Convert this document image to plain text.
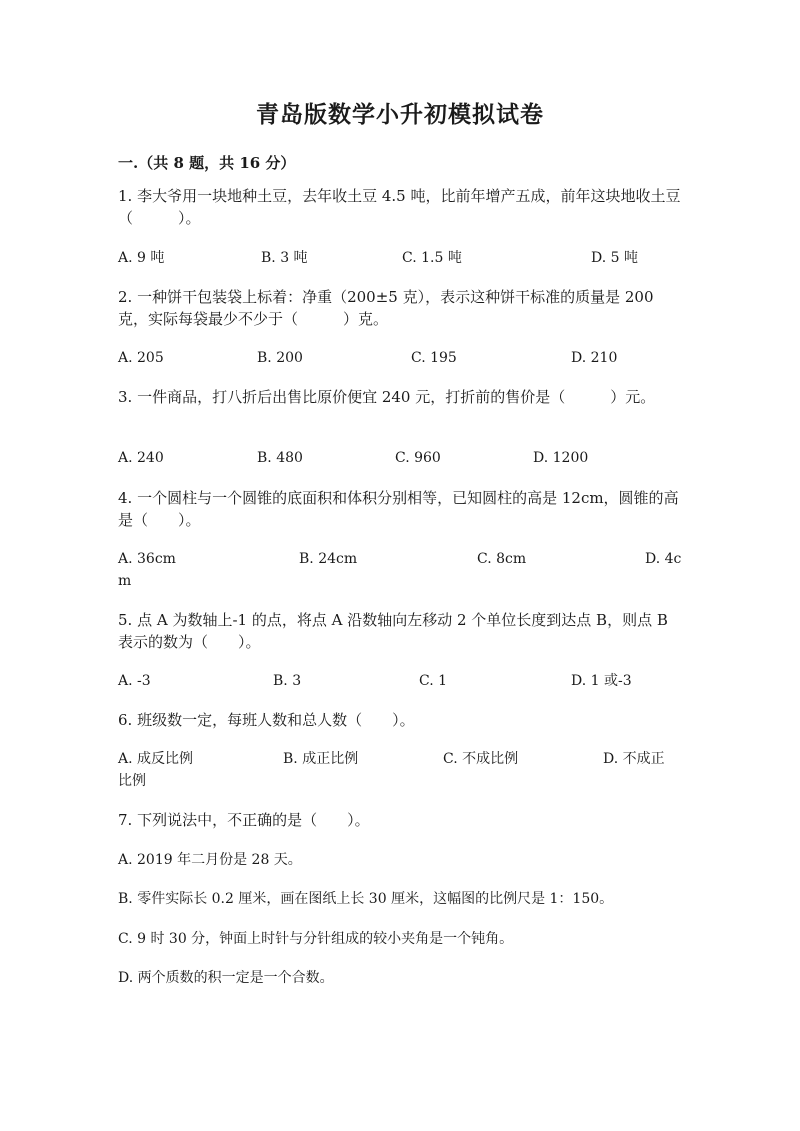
青岛版数学小升初模拟试卷
一.（共 8 题，共 16 分）
1. 李大爷用一块地种土豆，去年收土豆 4.5 吨，比前年增产五成，前年这块地收土豆（　　　）。
A. 9 吨	B. 3 吨	C. 1.5 吨	D. 5 吨
2. 一种饼干包装袋上标着：净重（200±5 克），表示这种饼干标准的质量是 200 克，实际每袋最少不少于（　　　）克。
A. 205	B. 200	C. 195	D. 210
3. 一件商品，打八折后出售比原价便宜 240 元，打折前的售价是（　　　）元。
A. 240	B. 480	C. 960	D. 1200
4. 一个圆柱与一个圆锥的底面积和体积分别相等，已知圆柱的高是 12cm，圆锥的高是（　　）。
A. 36cm	B. 24cm	C. 8cm	D. 4c
m
5. 点 A 为数轴上-1 的点，将点 A 沿数轴向左移动 2 个单位长度到达点 B，则点 B 表示的数为（　　）。
A. -3	B. 3	C. 1	D. 1 或-3
6. 班级数一定，每班人数和总人数（　　）。
A. 成反比例	B. 成正比例	C. 不成比例	D. 不成正
比例
7. 下列说法中，不正确的是（　　）。
A. 2019 年二月份是 28 天。
B. 零件实际长 0.2 厘米，画在图纸上长 30 厘米，这幅图的比例尺是 1：150。
C. 9 时 30 分，钟面上时针与分针组成的较小夹角是一个钝角。
D. 两个质数的积一定是一个合数。
